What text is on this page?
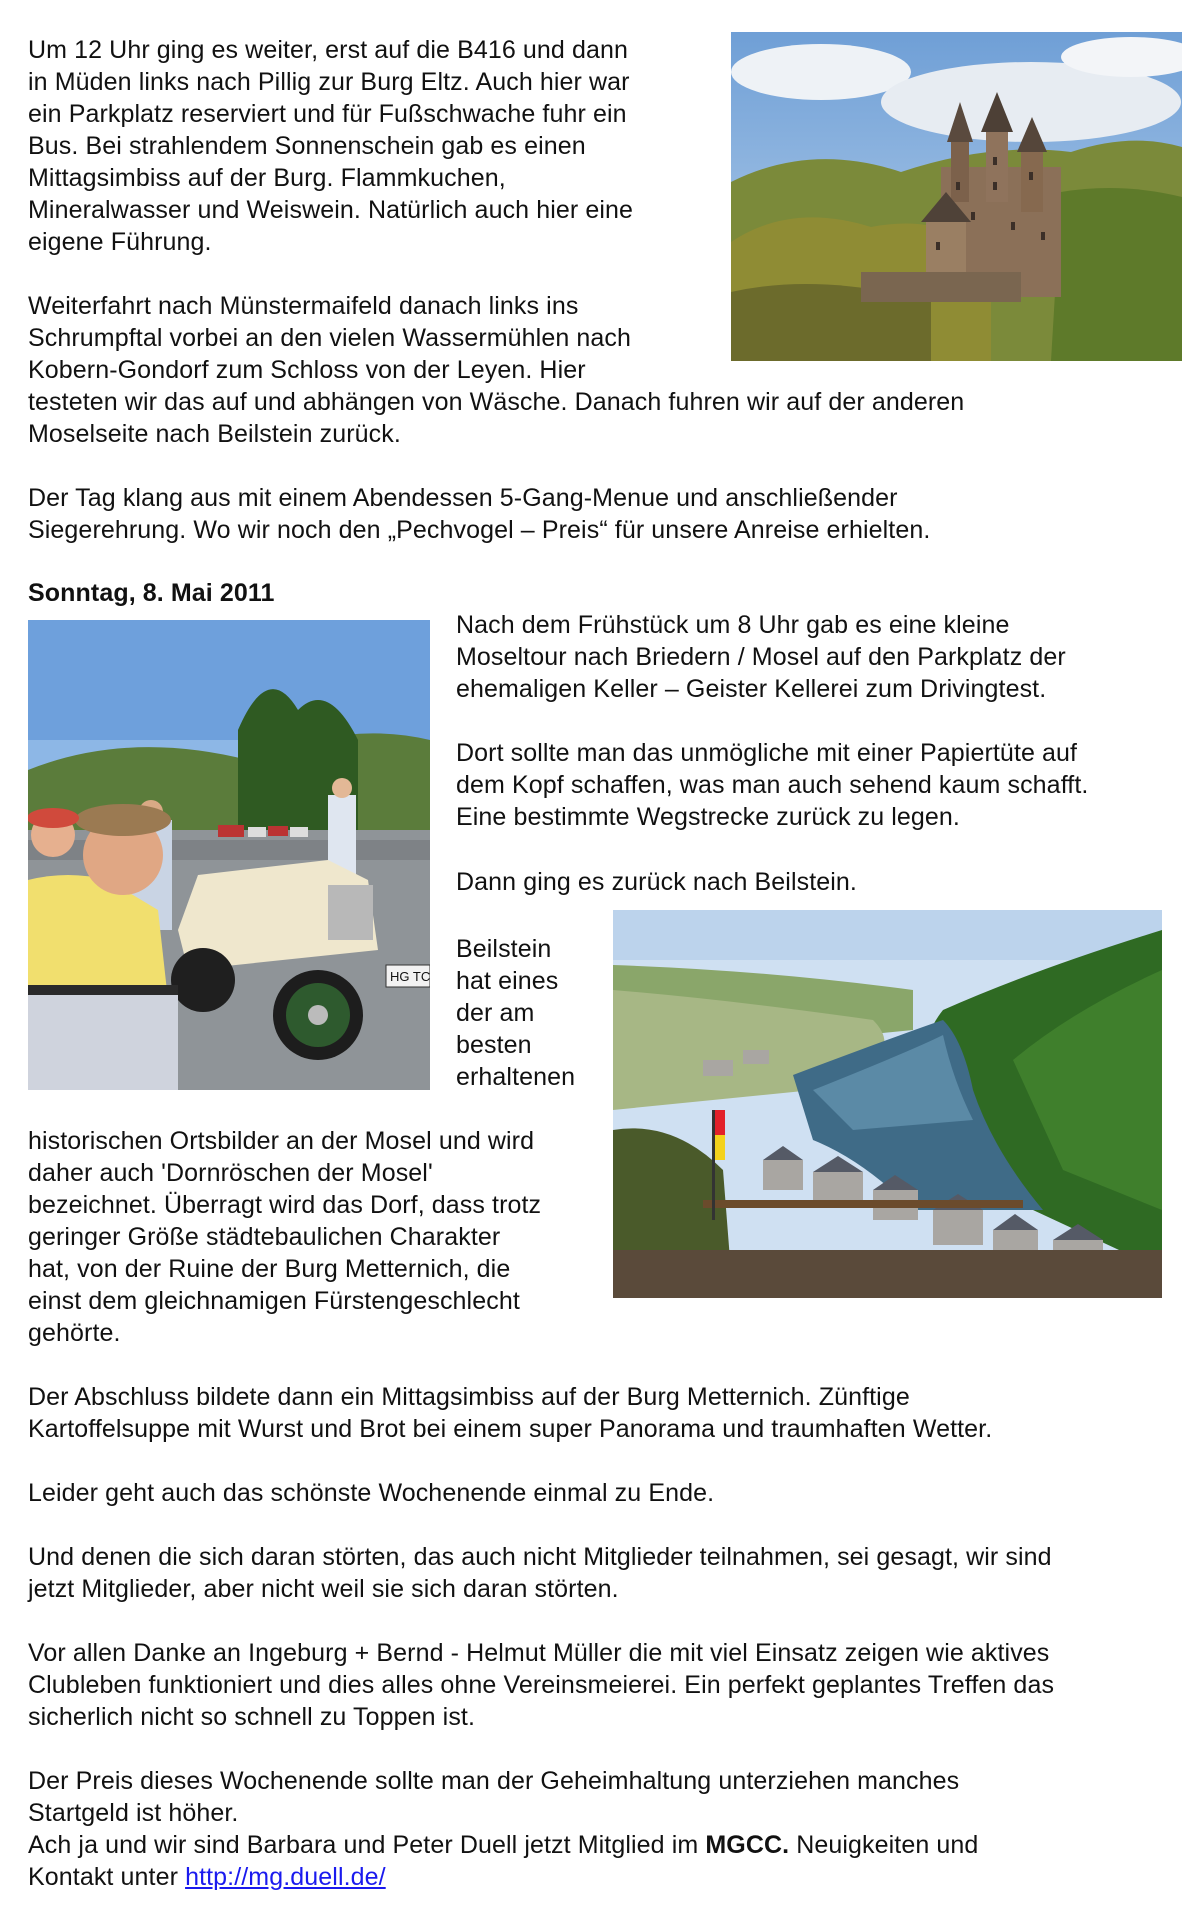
Um 12 Uhr ging es weiter, erst auf die B416 und dann
in Müden links nach Pillig zur Burg Eltz. Auch hier war
ein Parkplatz reserviert und für Fußschwache fuhr ein
Bus. Bei strahlendem Sonnenschein gab es einen
Mittagsimbiss auf der Burg. Flammkuchen,
Mineralwasser und Weiswein. Natürlich auch hier eine
eigene Führung.
Weiterfahrt nach Münstermaifeld danach links ins
Schrumpftal vorbei an den vielen Wassermühlen nach
Kobern-Gondorf zum Schloss von der Leyen. Hier
testeten wir das auf und abhängen von Wäsche. Danach fuhren wir auf der anderen
Moselseite nach Beilstein zurück.
Der Tag klang aus mit einem Abendessen 5-Gang-Menue und anschließender
Siegerehrung. Wo wir noch den „Pechvogel – Preis“ für unsere Anreise erhielten.
Sonntag, 8. Mai 2011
Nach dem Frühstück um 8 Uhr gab es eine kleine
Moseltour nach Briedern / Mosel auf den Parkplatz der
ehemaligen Keller – Geister Kellerei zum Drivingtest.
Dort sollte man das unmögliche mit einer Papiertüte auf
dem Kopf schaffen, was man auch sehend kaum schafft.
Eine bestimmte Wegstrecke zurück zu legen.
Dann ging es zurück nach Beilstein.
Beilstein
hat eines
der am
besten
erhaltenen
historischen Ortsbilder an der Mosel und wird
daher auch 'Dornröschen der Mosel'
bezeichnet. Überragt wird das Dorf, dass trotz
geringer Größe städtebaulichen Charakter
hat, von der Ruine der Burg Metternich, die
einst dem gleichnamigen Fürstengeschlecht
gehörte.
Der Abschluss bildete dann ein Mittagsimbiss auf der Burg Metternich. Zünftige
Kartoffelsuppe mit Wurst und Brot bei einem super Panorama und traumhaften Wetter.
Leider geht auch das schönste Wochenende einmal zu Ende.
Und denen die sich daran störten, das auch nicht Mitglieder teilnahmen, sei gesagt, wir sind
jetzt Mitglieder, aber nicht weil sie sich daran störten.
Vor allen Danke an Ingeburg + Bernd - Helmut Müller die mit viel Einsatz zeigen wie aktives
Clubleben funktioniert und dies alles ohne Vereinsmeierei. Ein perfekt geplantes Treffen das
sicherlich nicht so schnell zu Toppen ist.
Der Preis dieses Wochenende sollte man der Geheimhaltung unterziehen manches
Startgeld ist höher.
Ach ja und wir sind Barbara und Peter Duell jetzt Mitglied im MGCC. Neuigkeiten und
Kontakt unter http://mg.duell.de/
HG TC
